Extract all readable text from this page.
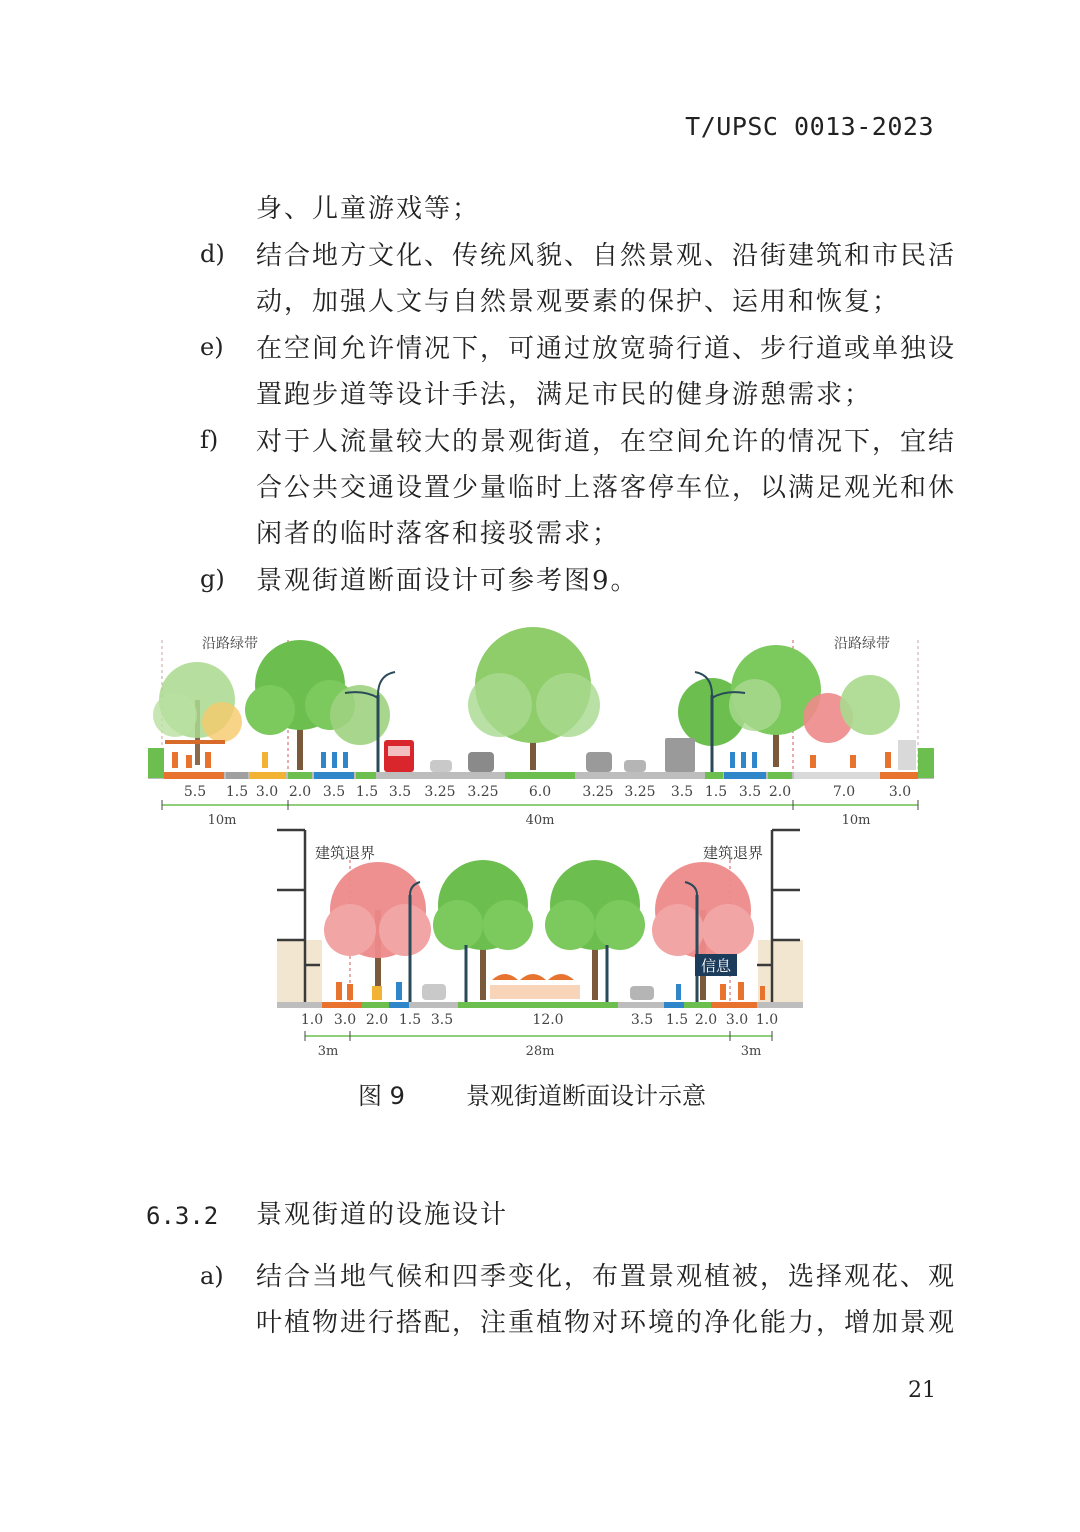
T/UPSC 0013-2023
身、儿童游戏等；
d) 结合地方文化、传统风貌、自然景观、沿街建筑和市民活
动，加强人文与自然景观要素的保护、运用和恢复；
e) 在空间允许情况下，可通过放宽骑行道、步行道或单独设
置跑步道等设计手法，满足市民的健身游憩需求；
f) 对于人流量较大的景观街道，在空间允许的情况下，宜结
合公共交通设置少量临时上落客停车位，以满足观光和休
闲者的临时落客和接驳需求；
g) 景观街道断面设计可参考图9。
沿路绿带	沿路绿带
5.5 1.5 3.0 2.0 3.5 1.5 3.5 3.25 3.25 6.0 3.25 3.25 3.5 1.5 3.5 2.0	7.0 3.0
10m	40m	10m
建筑退界	建筑退界
信息
1.0 3.0 2.0 1.5 3.5	12.0	3.5 1.5 2.0 3.0 1.0
3m	28m	3m
图 9	景观街道断面设计示意
6.3.2 景观街道的设施设计
a) 结合当地气候和四季变化，布置景观植被，选择观花、观
叶植物进行搭配，注重植物对环境的净化能力，增加景观
21
